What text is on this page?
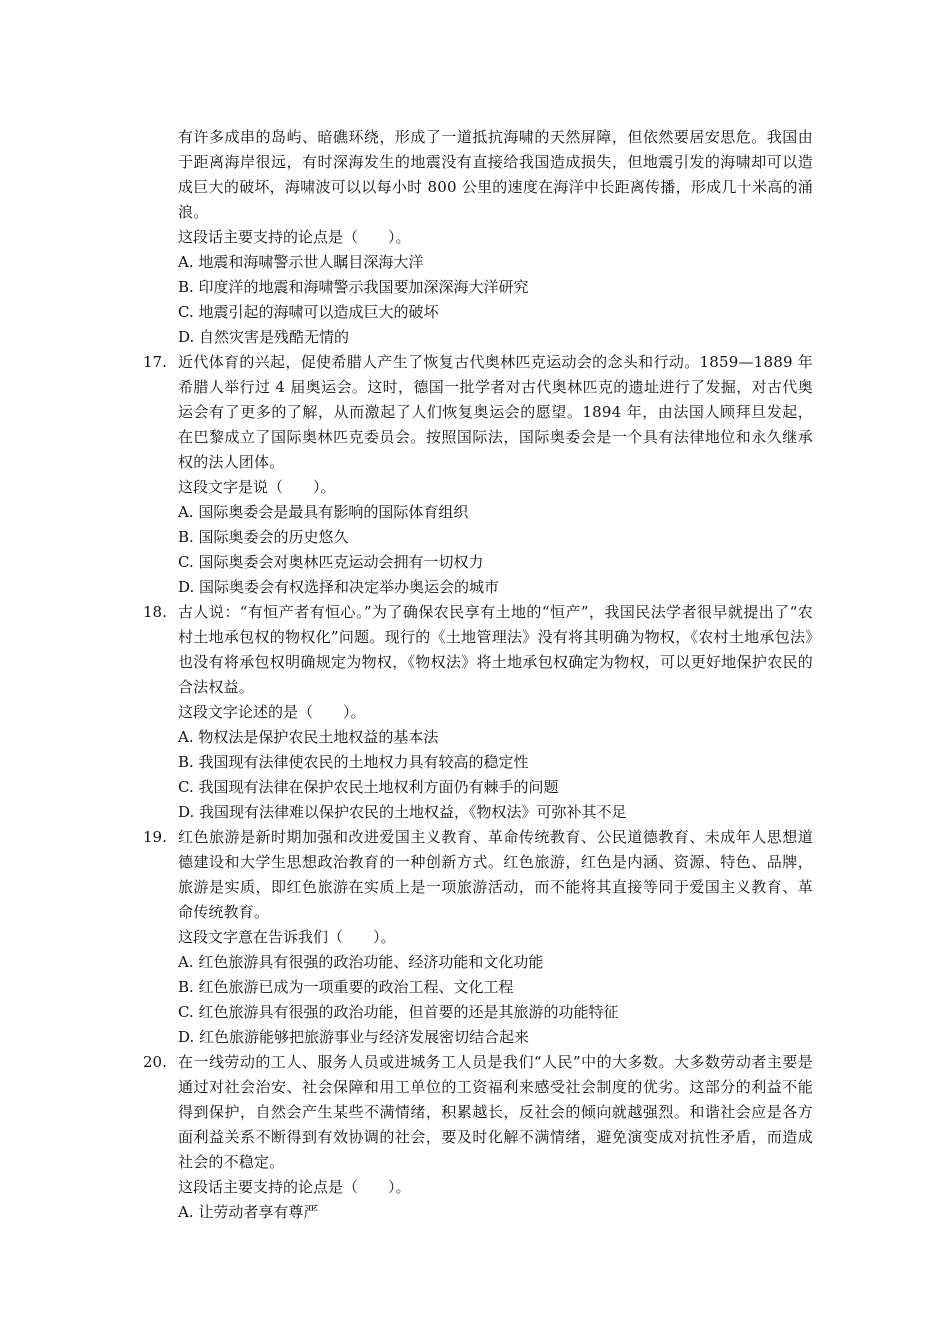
有许多成串的岛屿、暗礁环绕，形成了一道抵抗海啸的天然屏障，但依然要居安思危。我国由于距离海岸很远，有时深海发生的地震没有直接给我国造成损失，但地震引发的海啸却可以造成巨大的破坏，海啸波可以以每小时 800 公里的速度在海洋中长距离传播，形成几十米高的涌浪。
这段话主要支持的论点是（　　）。
A. 地震和海啸警示世人瞩目深海大洋
B. 印度洋的地震和海啸警示我国要加深深海大洋研究
C. 地震引起的海啸可以造成巨大的破坏
D. 自然灾害是残酷无情的
17. 近代体育的兴起，促使希腊人产生了恢复古代奥林匹克运动会的念头和行动。1859—1889 年希腊人举行过 4 届奥运会。这时，德国一批学者对古代奥林匹克的遗址进行了发掘，对古代奥运会有了更多的了解，从而激起了人们恢复奥运会的愿望。1894 年，由法国人顾拜旦发起，在巴黎成立了国际奥林匹克委员会。按照国际法，国际奥委会是一个具有法律地位和永久继承权的法人团体。
这段文字是说（　　）。
A. 国际奥委会是最具有影响的国际体育组织
B. 国际奥委会的历史悠久
C. 国际奥委会对奥林匹克运动会拥有一切权力
D. 国际奥委会有权选择和决定举办奥运会的城市
18. 古人说：“有恒产者有恒心。”为了确保农民享有土地的“恒产”，我国民法学者很早就提出了“农村土地承包权的物权化”问题。现行的《土地管理法》没有将其明确为物权，《农村土地承包法》也没有将承包权明确规定为物权，《物权法》将土地承包权确定为物权，可以更好地保护农民的合法权益。
这段文字论述的是（　　）。
A. 物权法是保护农民土地权益的基本法
B. 我国现有法律使农民的土地权力具有较高的稳定性
C. 我国现有法律在保护农民土地权利方面仍有棘手的问题
D. 我国现有法律难以保护农民的土地权益，《物权法》可弥补其不足
19. 红色旅游是新时期加强和改进爱国主义教育、革命传统教育、公民道德教育、未成年人思想道德建设和大学生思想政治教育的一种创新方式。红色旅游，红色是内涵、资源、特色、品牌，旅游是实质，即红色旅游在实质上是一项旅游活动，而不能将其直接等同于爱国主义教育、革命传统教育。
这段文字意在告诉我们（　　）。
A. 红色旅游具有很强的政治功能、经济功能和文化功能
B. 红色旅游已成为一项重要的政治工程、文化工程
C. 红色旅游具有很强的政治功能，但首要的还是其旅游的功能特征
D. 红色旅游能够把旅游事业与经济发展密切结合起来
20. 在一线劳动的工人、服务人员或进城务工人员是我们“人民”中的大多数。大多数劳动者主要是通过对社会治安、社会保障和用工单位的工资福利来感受社会制度的优劣。这部分的利益不能得到保护，自然会产生某些不满情绪，积累越长，反社会的倾向就越强烈。和谐社会应是各方面利益关系不断得到有效协调的社会，要及时化解不满情绪，避免演变成对抗性矛盾，而造成社会的不稳定。
这段话主要支持的论点是（　　）。
A. 让劳动者享有尊严
